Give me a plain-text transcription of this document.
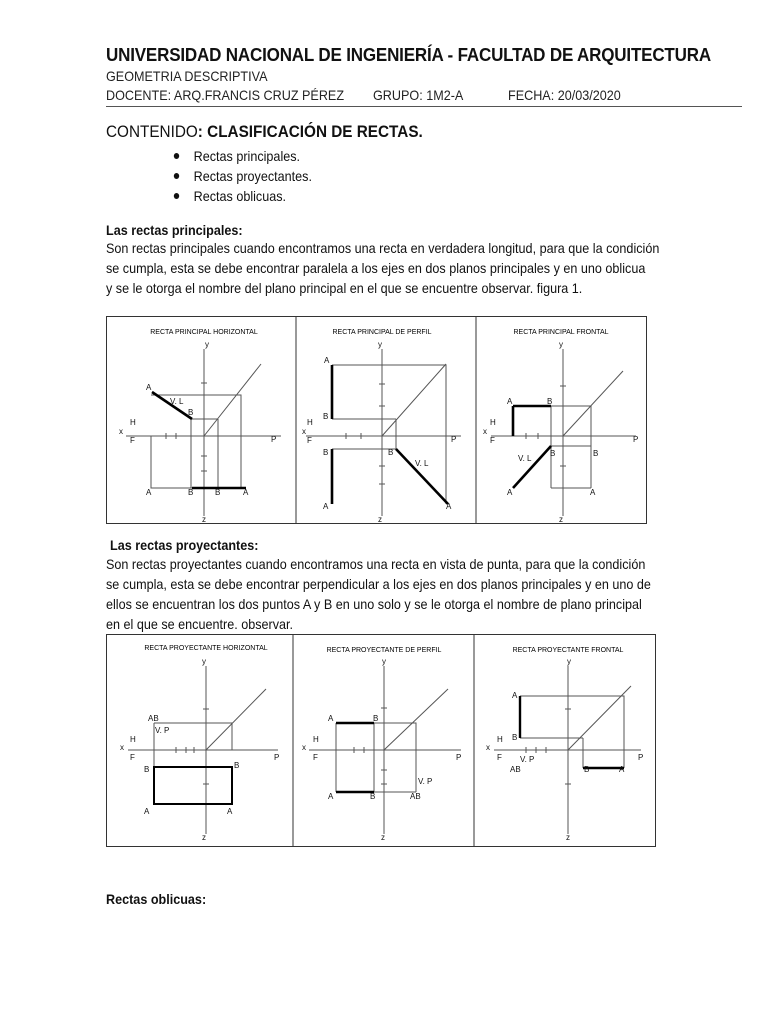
UNIVERSIDAD NACIONAL DE INGENIERÍA - FACULTAD DE ARQUITECTURA
GEOMETRIA DESCRIPTIVA
DOCENTE: ARQ.FRANCIS CRUZ PÉREZ GRUPO: 1M2-A	FECHA: 20/03/2020
CONTENIDO: CLASIFICACIÓN DE RECTAS.
Rectas principales.
Rectas proyectantes.
Rectas oblicuas.
Las rectas principales:
Son rectas principales cuando encontramos una recta en verdadera longitud, para que la condición
se cumpla, esta se debe encontrar paralela a los ejes en dos planos principales y en uno oblicua
y se le otorga el nombre del plano principal en el que se encuentre observar. figura 1.
RECTA PRINCIPAL HORIZONTAL
y
x
H
F	P
A
V. L
B
A	B	B	A
z
RECTA PRINCIPAL DE PERFIL
y
x
H
F	P
A
B
B	B
V. L
A	A
z
RECTA PRINCIPAL FRONTAL
y
x
H
F	P
A	B
B	B
V. L
A	A
z
Las rectas proyectantes:
Son rectas proyectantes cuando encontramos una recta en vista de punta, para que la condición
se cumpla, esta se debe encontrar perpendicular a los ejes en dos planos principales y en uno de
ellos se encuentran los dos puntos A y B en uno solo y se le otorga el nombre de plano principal
en el que se encuentre. observar.
RECTA PROYECTANTE HORIZONTAL
y
x
H
F	P
AB
V. P
B	B
A	A
z
RECTA PROYECTANTE DE PERFIL
y
x
H
F	P
A	B
V. P
A	B	AB
z
RECTA PROYECTANTE FRONTAL
y
x
H
F	P
A
B
V. P
AB	B	A
z
Rectas oblicuas:
